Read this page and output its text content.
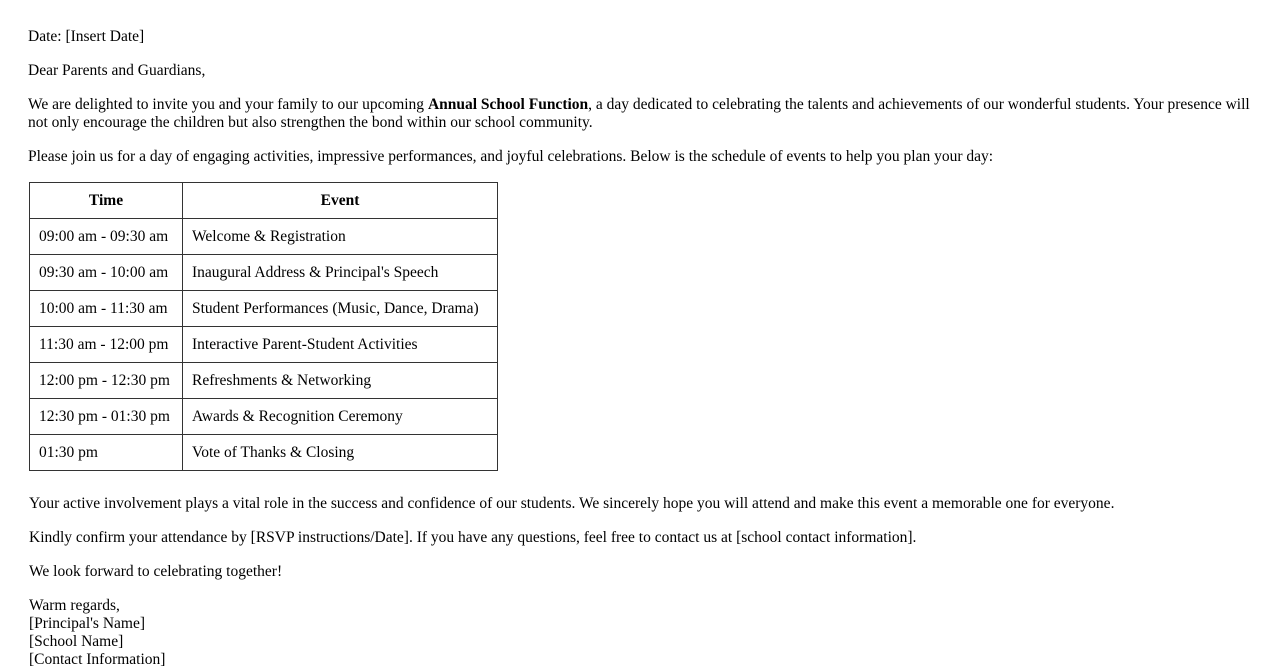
Date: [Insert Date]

Dear Parents and Guardians,

We are delighted to invite you and your family to our upcoming Annual School Function, a day dedicated to celebrating the talents and achievements of our wonderful students. Your presence will not only encourage the children but also strengthen the bond within our school community.

Please join us for a day of engaging activities, impressive performances, and joyful celebrations. Below is the schedule of events to help you plan your day:

Time	Event
09:00 am - 09:30 am	Welcome & Registration
09:30 am - 10:00 am	Inaugural Address & Principal's Speech
10:00 am - 11:30 am	Student Performances (Music, Dance, Drama)
11:30 am - 12:00 pm	Interactive Parent-Student Activities
12:00 pm - 12:30 pm	Refreshments & Networking
12:30 pm - 01:30 pm	Awards & Recognition Ceremony
01:30 pm	Vote of Thanks & Closing

Your active involvement plays a vital role in the success and confidence of our students. We sincerely hope you will attend and make this event a memorable one for everyone.

Kindly confirm your attendance by [RSVP instructions/Date]. If you have any questions, feel free to contact us at [school contact information].

We look forward to celebrating together!

Warm regards,
[Principal's Name]
[School Name]
[Contact Information]
